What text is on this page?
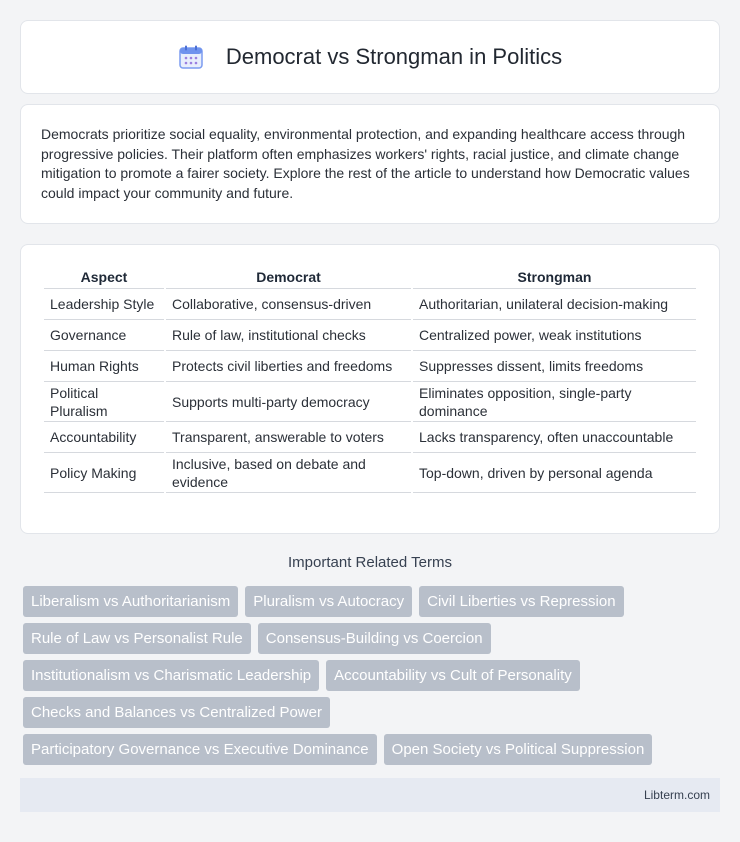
Democrat vs Strongman in Politics

Democrats prioritize social equality, environmental protection, and expanding healthcare access through progressive policies. Their platform often emphasizes workers' rights, racial justice, and climate change mitigation to promote a fairer society. Explore the rest of the article to understand how Democratic values could impact your community and future.

Aspect	Democrat	Strongman
Leadership Style	Collaborative, consensus-driven	Authoritarian, unilateral decision-making
Governance	Rule of law, institutional checks	Centralized power, weak institutions
Human Rights	Protects civil liberties and freedoms	Suppresses dissent, limits freedoms
Political Pluralism	Supports multi-party democracy	Eliminates opposition, single-party dominance
Accountability	Transparent, answerable to voters	Lacks transparency, often unaccountable
Policy Making	Inclusive, based on debate and evidence	Top-down, driven by personal agenda
Important Related Terms
Liberalism vs Authoritarianism	Pluralism vs Autocracy	Civil Liberties vs Repression
Rule of Law vs Personalist Rule	Consensus-Building vs Coercion
Institutionalism vs Charismatic Leadership	Accountability vs Cult of Personality
Checks and Balances vs Centralized Power
Participatory Governance vs Executive Dominance	Open Society vs Political Suppression
Libterm.com
